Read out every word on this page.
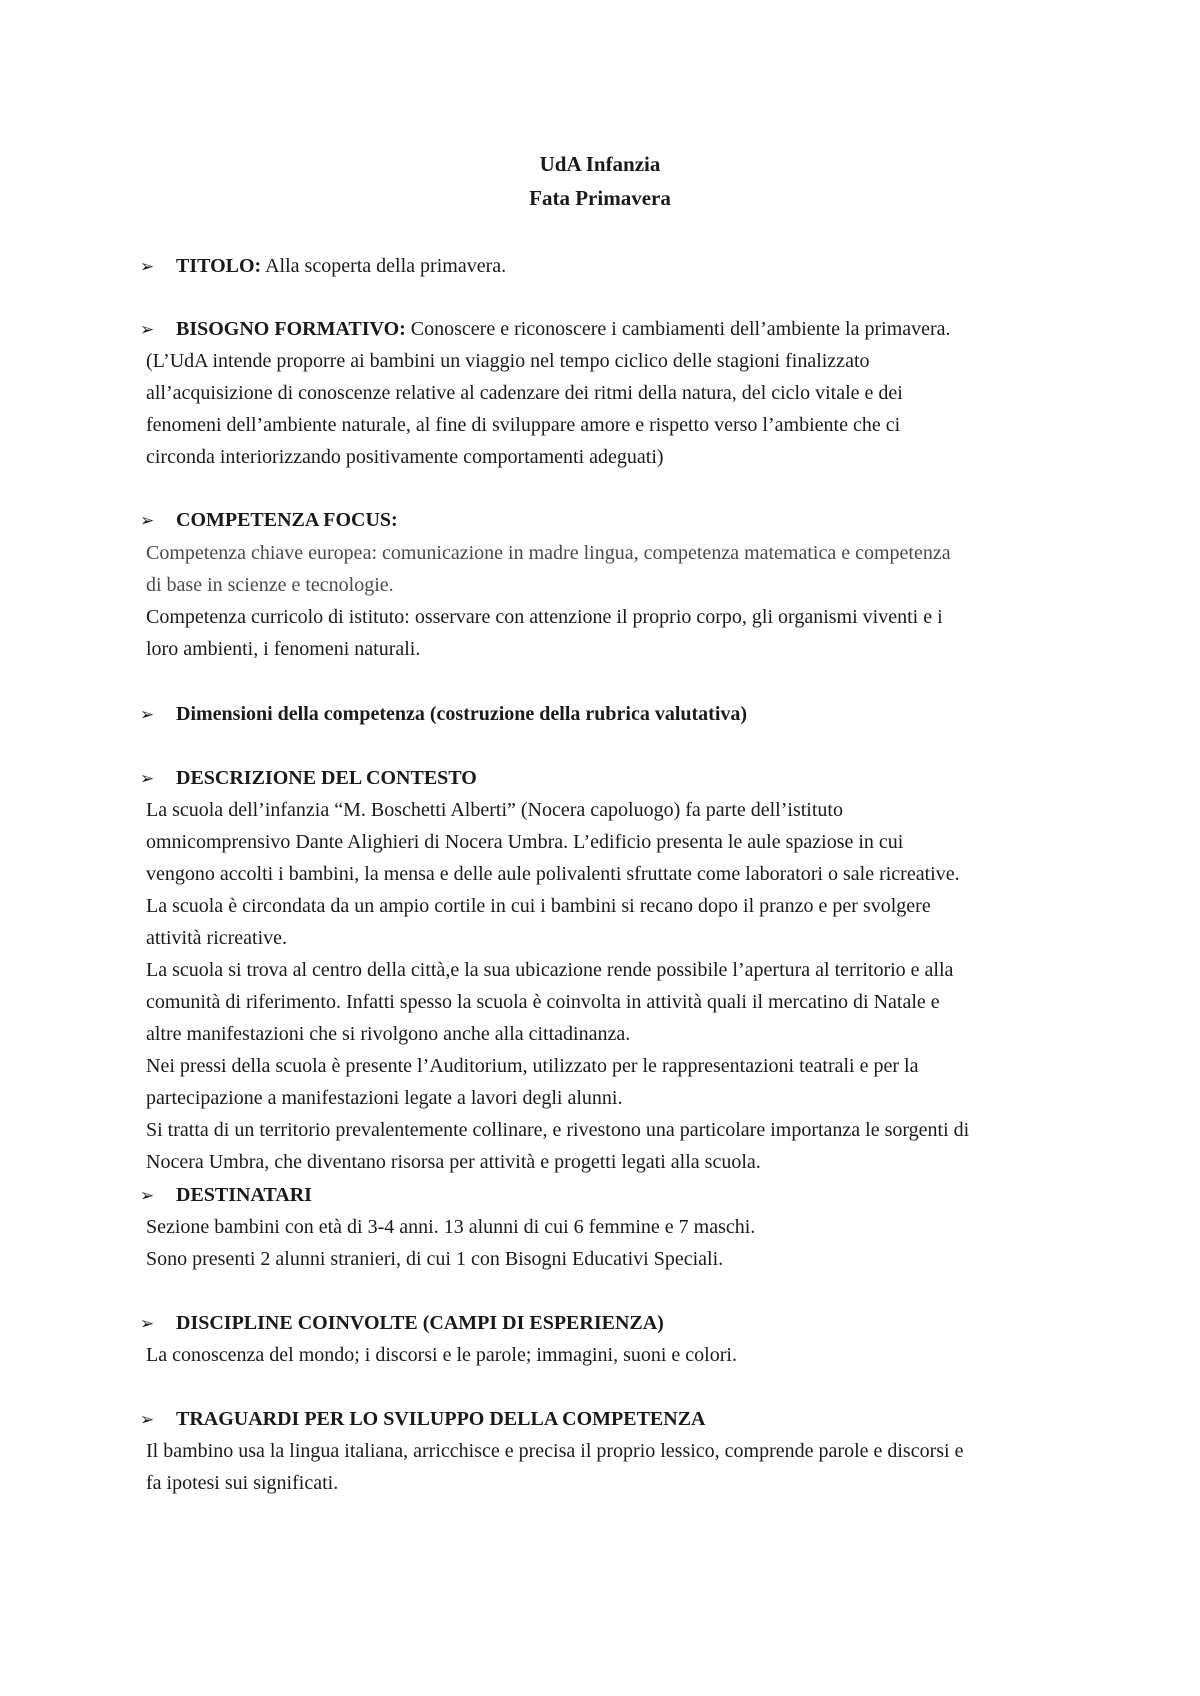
UdA Infanzia
Fata Primavera
➢ TITOLO: Alla scoperta della primavera.
➢ BISOGNO FORMATIVO: Conoscere e riconoscere i cambiamenti dell’ambiente la primavera.

(L’UdA intende proporre ai bambini un viaggio nel tempo ciclico delle stagioni finalizzato

all’acquisizione di conoscenze relative al cadenzare dei ritmi della natura, del ciclo vitale e dei

fenomeni dell’ambiente naturale, al fine di sviluppare amore e rispetto verso l’ambiente che ci

circonda interiorizzando positivamente comportamenti adeguati)

➢ COMPETENZA FOCUS:

Competenza chiave europea: comunicazione in madre lingua, competenza matematica e competenza

di base in scienze e tecnologie.

Competenza curricolo di istituto: osservare con attenzione il proprio corpo, gli organismi viventi e i

loro ambienti, i fenomeni naturali.

➢ Dimensioni della competenza (costruzione della rubrica valutativa)
➢ DESCRIZIONE DEL CONTESTO

La scuola dell’infanzia “M. Boschetti Alberti” (Nocera capoluogo) fa parte dell’istituto

omnicomprensivo Dante Alighieri di Nocera Umbra. L’edificio presenta le aule spaziose in cui

vengono accolti i bambini, la mensa e delle aule polivalenti sfruttate come laboratori o sale ricreative.

La scuola è circondata da un ampio cortile in cui i bambini si recano dopo il pranzo e per svolgere

attività ricreative.

La scuola si trova al centro della città,e la sua ubicazione rende possibile l’apertura al territorio e alla

comunità di riferimento. Infatti spesso la scuola è coinvolta in attività quali il mercatino di Natale e

altre manifestazioni che si rivolgono anche alla cittadinanza.

Nei pressi della scuola è presente l’Auditorium, utilizzato per le rappresentazioni teatrali e per la

partecipazione a manifestazioni legate a lavori degli alunni.

Si tratta di un territorio prevalentemente collinare, e rivestono una particolare importanza le sorgenti di

Nocera Umbra, che diventano risorsa per attività e progetti legati alla scuola.

➢ DESTINATARI

Sezione bambini con età di 3-4 anni. 13 alunni di cui 6 femmine e 7 maschi.

Sono presenti 2 alunni stranieri, di cui 1 con Bisogni Educativi Speciali.

➢ DISCIPLINE COINVOLTE (CAMPI DI ESPERIENZA)

La conoscenza del mondo; i discorsi e le parole; immagini, suoni e colori.

➢ TRAGUARDI PER LO SVILUPPO DELLA COMPETENZA

Il bambino usa la lingua italiana, arricchisce e precisa il proprio lessico, comprende parole e discorsi e

fa ipotesi sui significati.
